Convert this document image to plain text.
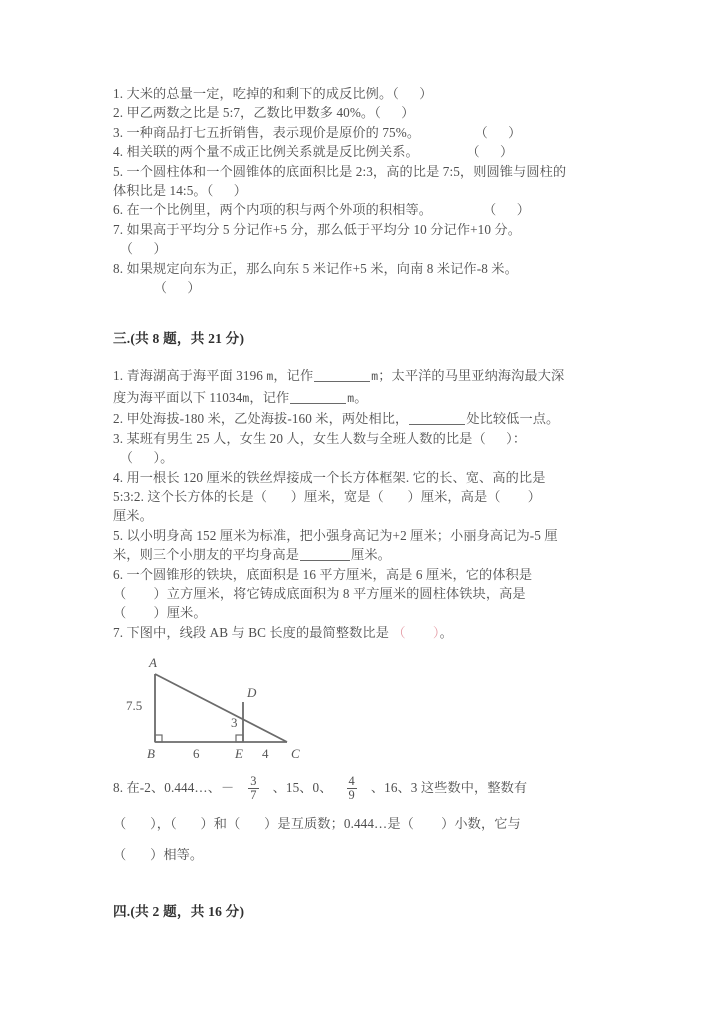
1. 大米的总量一定，吃掉的和剩下的成反比例。（      ）
2. 甲乙两数之比是 5:7，乙数比甲数多 40%。（      ）
3. 一种商品打七五折销售，表示现价是原价的 75%。                （      ）
4. 相关联的两个量不成正比例关系就是反比例关系。              （      ）
5. 一个圆柱体和一个圆锥体的底面积比是 2:3，高的比是 7:5，则圆锥与圆柱的
体积比是 14:5。（      ）
6. 在一个比例里，两个内项的积与两个外项的积相等。               （      ）
7. 如果高于平均分 5 分记作+5 分，那么低于平均分 10 分记作+10 分。
（      ）
8. 如果规定向东为正，那么向东 5 米记作+5 米，向南 8 米记作-8 米。
（      ）
三.(共 8 题，共 21 分)
1. 青海湖高于海平面 3196 m，记作	m；太平洋的马里亚纳海沟最大深
度为海平面以下 11034m，记作	m。
2. 甲处海拔-180 米，乙处海拔-160 米，两处相比，	处比较低一点。
3. 某班有男生 25 人，女生 20 人，女生人数与全班人数的比是（      ）：
（      ）。
4. 用一根长 120 厘米的铁丝焊接成一个长方体框架. 它的长、宽、高的比是
5:3:2. 这个长方体的长是（       ）厘米，宽是（       ）厘米，高是（        ）
厘米。
5. 以小明身高 152 厘米为标准，把小强身高记为+2 厘米；小丽身高记为-5 厘
米，则三个小朋友的平均身高是	厘米。
6. 一个圆锥形的铁块，底面积是 16 平方厘米，高是 6 厘米，它的体积是
（        ）立方厘米，将它铸成底面积为 8 平方厘米的圆柱体铁块，高是
（        ）厘米。
7. 下图中，线段 AB 与 BC 长度的最简整数比是 （ ）。
A
B	C
D
E
7.5
6	4
3
8. 在-2、0.444…、－ $\frac{3}{7}$ 、15、0、 $\frac{4}{9}$ 、16、3 这些数中，整数有
（       ），（       ）和（       ）是互质数；0.444…是（        ）小数，它与
（       ）相等。
四.(共 2 题，共 16 分)
